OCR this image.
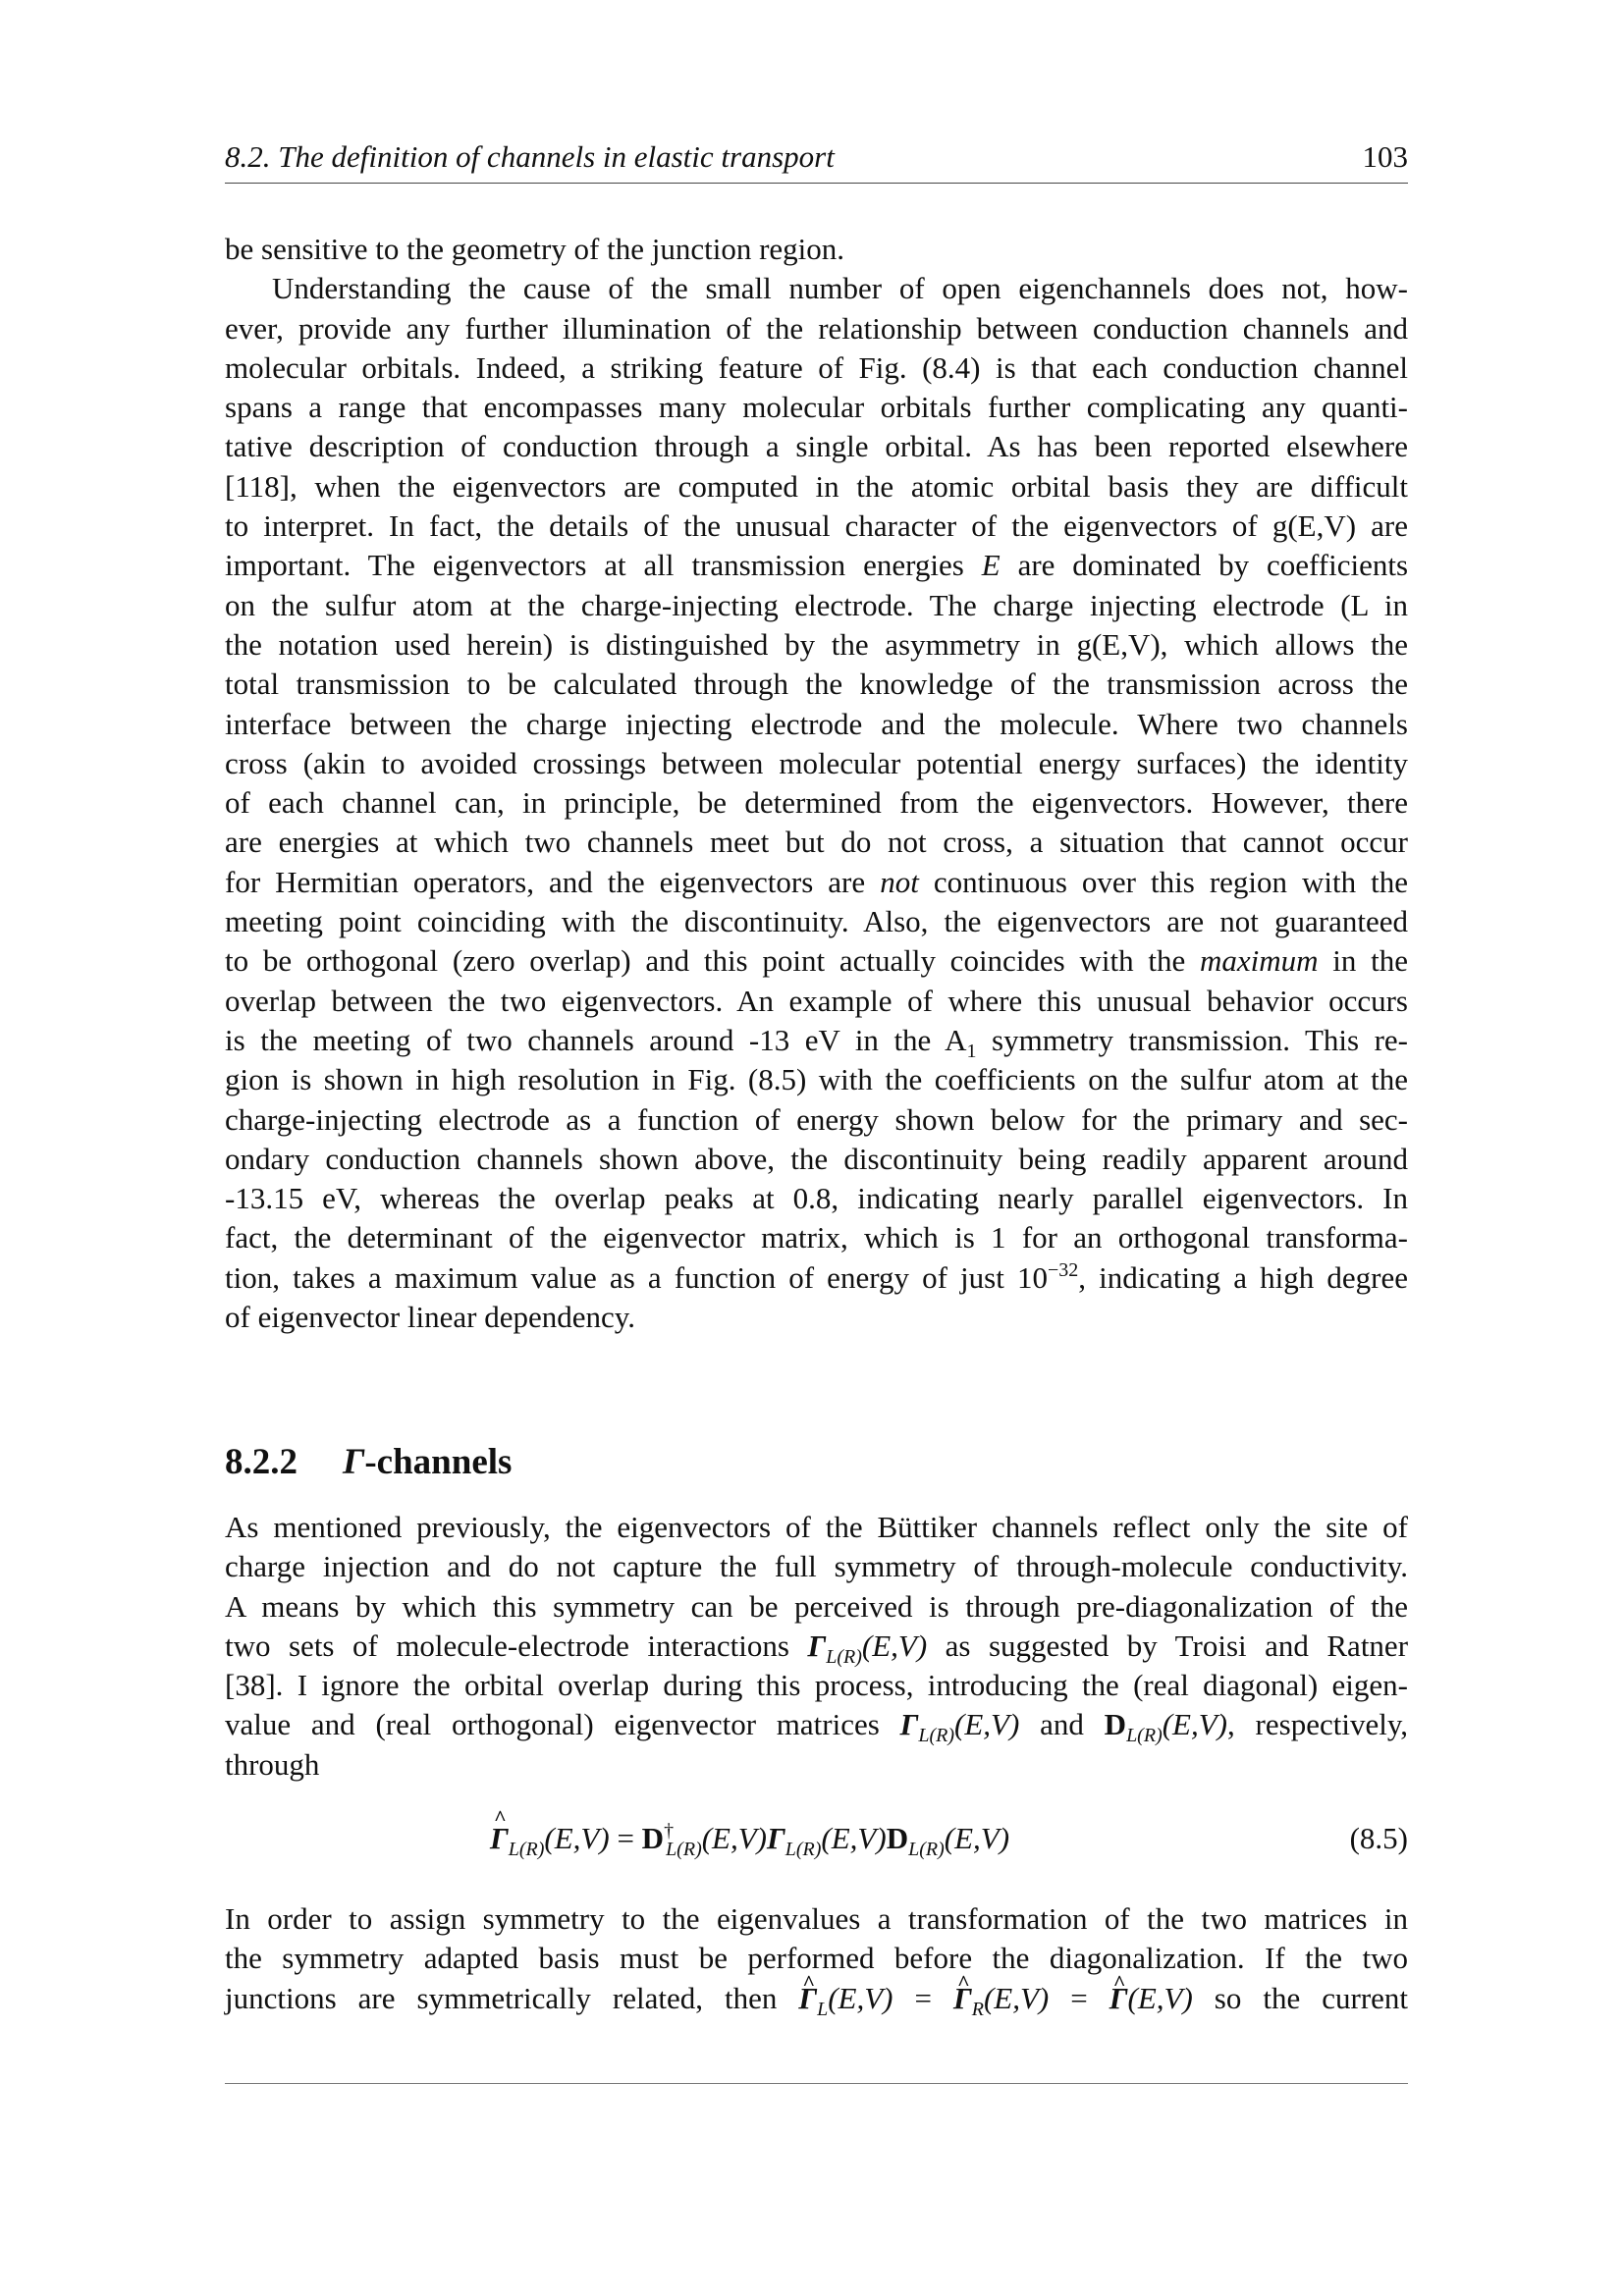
8.2. The definition of channels in elastic transport	103
be sensitive to the geometry of the junction region.
Understanding the cause of the small number of open eigenchannels does not, how-
ever, provide any further illumination of the relationship between conduction channels and
molecular orbitals. Indeed, a striking feature of Fig. (8.4) is that each conduction channel
spans a range that encompasses many molecular orbitals further complicating any quanti-
tative description of conduction through a single orbital. As has been reported elsewhere
[118], when the eigenvectors are computed in the atomic orbital basis they are difficult
to interpret. In fact, the details of the unusual character of the eigenvectors of g(E,V) are
important. The eigenvectors at all transmission energies E are dominated by coefficients
on the sulfur atom at the charge-injecting electrode. The charge injecting electrode (L in
the notation used herein) is distinguished by the asymmetry in g(E,V), which allows the
total transmission to be calculated through the knowledge of the transmission across the
interface between the charge injecting electrode and the molecule. Where two channels
cross (akin to avoided crossings between molecular potential energy surfaces) the identity
of each channel can, in principle, be determined from the eigenvectors. However, there
are energies at which two channels meet but do not cross, a situation that cannot occur
for Hermitian operators, and the eigenvectors are not continuous over this region with the
meeting point coinciding with the discontinuity. Also, the eigenvectors are not guaranteed
to be orthogonal (zero overlap) and this point actually coincides with the maximum in the
overlap between the two eigenvectors. An example of where this unusual behavior occurs
is the meeting of two channels around -13 eV in the $A_1$ symmetry transmission. This re-
gion is shown in high resolution in Fig. (8.5) with the coefficients on the sulfur atom at the
charge-injecting electrode as a function of energy shown below for the primary and sec-
ondary conduction channels shown above, the discontinuity being readily apparent around
-13.15 eV, whereas the overlap peaks at 0.8, indicating nearly parallel eigenvectors. In
fact, the determinant of the eigenvector matrix, which is 1 for an orthogonal transforma-
tion, takes a maximum value as a function of energy of just $10^{-32}$, indicating a high degree
of eigenvector linear dependency.
8.2.2 Γ-channels
As mentioned previously, the eigenvectors of the Büttiker channels reflect only the site of
charge injection and do not capture the full symmetry of through-molecule conductivity.
A means by which this symmetry can be perceived is through pre-diagonalization of the
two sets of molecule-electrode interactions $\Gamma_{L(R)}(E,V)$ as suggested by Troisi and Ratner
[38]. I ignore the orbital overlap during this process, introducing the (real diagonal) eigen-
value and (real orthogonal) eigenvector matrices $\Gamma_{L(R)}(E,V)$ and $D_{L(R)}(E,V)$, respectively,
through
^ $\Gamma_{L(R)}(E,V) = D^\dagger_{L(R)}(E,V)\Gamma_{L(R)}(E,V)D_{L(R)}(E,V)$	(8.5)
In order to assign symmetry to the eigenvalues a transformation of the two matrices in
the symmetry adapted basis must be performed before the diagonalization. If the two
junctions are symmetrically related, then ^ $\Gamma_L(E,V)$ = ^ $\Gamma_R(E,V)$ = ^ Γ(E,V) so the current
